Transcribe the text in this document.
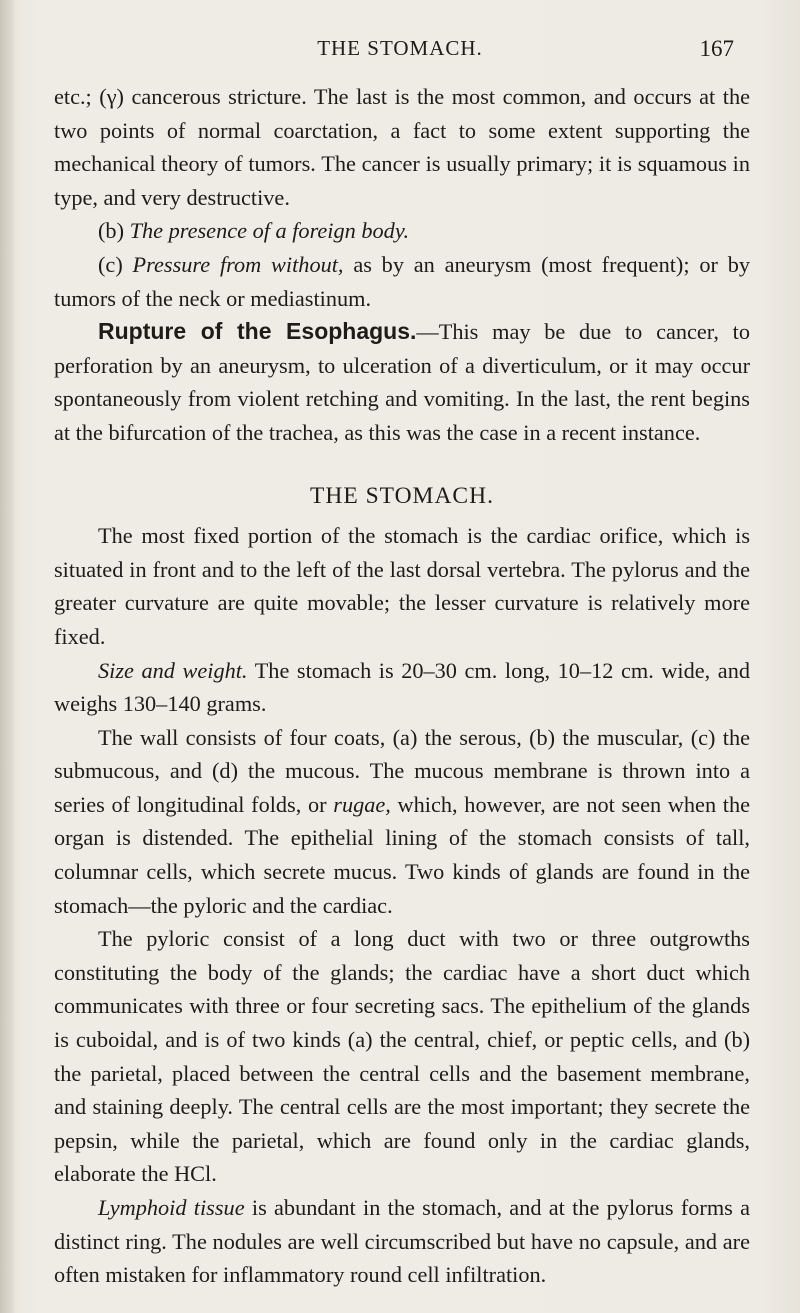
THE STOMACH.	167

etc.; (γ) cancerous stricture. The last is the most common, and occurs at the two points of normal coarctation, a fact to some extent supporting the mechanical theory of tumors. The cancer is usually primary; it is squamous in type, and very destructive.

(b) The presence of a foreign body.

(c) Pressure from without, as by an aneurysm (most frequent); or by tumors of the neck or mediastinum.

Rupture of the Esophagus.—This may be due to cancer, to perforation by an aneurysm, to ulceration of a diverticulum, or it may occur spontaneously from violent retching and vomiting. In the last, the rent begins at the bifurcation of the trachea, as this was the case in a recent instance.

THE STOMACH.

The most fixed portion of the stomach is the cardiac orifice, which is situated in front and to the left of the last dorsal vertebra. The pylorus and the greater curvature are quite movable; the lesser curvature is relatively more fixed.

Size and weight. The stomach is 20–30 cm. long, 10–12 cm. wide, and weighs 130–140 grams.

The wall consists of four coats, (a) the serous, (b) the muscular, (c) the submucous, and (d) the mucous. The mucous membrane is thrown into a series of longitudinal folds, or rugae, which, however, are not seen when the organ is distended. The epithelial lining of the stomach consists of tall, columnar cells, which secrete mucus. Two kinds of glands are found in the stomach—the pyloric and the cardiac.

The pyloric consist of a long duct with two or three outgrowths constituting the body of the glands; the cardiac have a short duct which communicates with three or four secreting sacs. The epithelium of the glands is cuboidal, and is of two kinds (a) the central, chief, or peptic cells, and (b) the parietal, placed between the central cells and the basement membrane, and staining deeply. The central cells are the most important; they secrete the pepsin, while the parietal, which are found only in the cardiac glands, elaborate the HCl.

Lymphoid tissue is abundant in the stomach, and at the pylorus forms a distinct ring. The nodules are well circumscribed but have no capsule, and are often mistaken for inflammatory round cell infiltration.
